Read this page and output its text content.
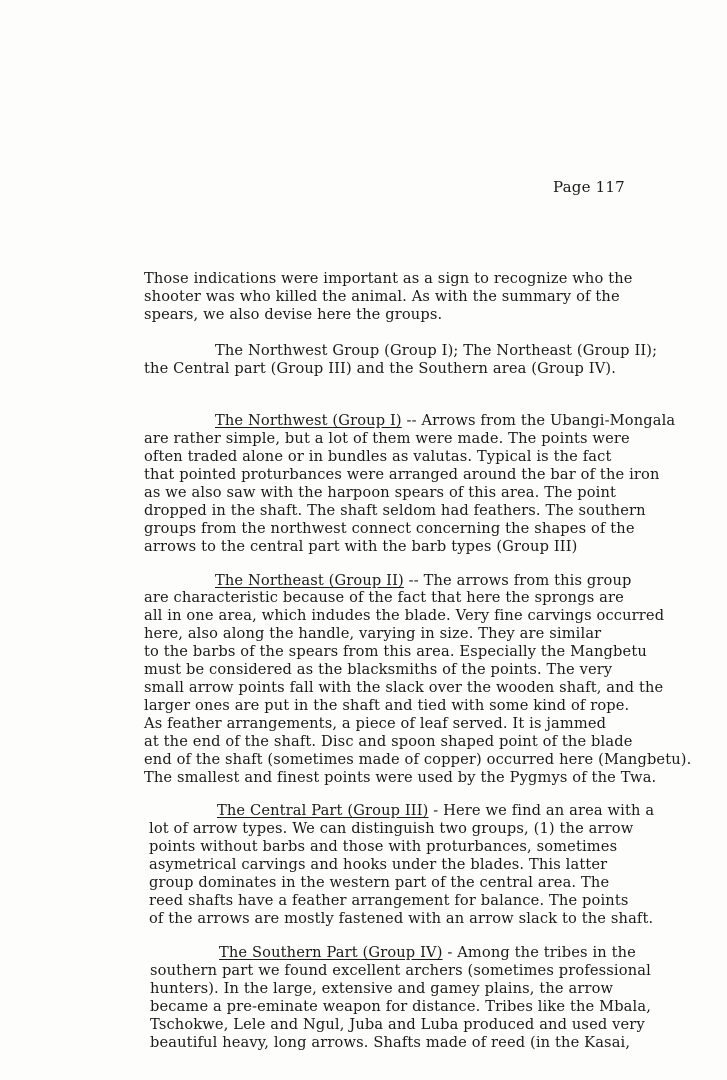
Page 117
Those indications were important as a sign to recognize who the
shooter was who killed the animal. As with the summary of the
spears, we also devise here the groups.
The Northwest Group (Group I); The Northeast (Group II);
the Central part (Group III) and the Southern area (Group IV).
The Northwest (Group I) -- Arrows from the Ubangi-Mongala
are rather simple, but a lot of them were made. The points were
often traded alone or in bundles as valutas. Typical is the fact
that pointed proturbances were arranged around the bar of the iron
as we also saw with the harpoon spears of this area. The point
dropped in the shaft. The shaft seldom had feathers. The southern
groups from the northwest connect concerning the shapes of the
arrows to the central part with the barb types (Group III)
The Northeast (Group II) -- The arrows from this group
are characteristic because of the fact that here the sprongs are
all in one area, which indudes the blade. Very fine carvings occurred
here, also along the handle, varying in size. They are similar
to the barbs of the spears from this area. Especially the Mangbetu
must be considered as the blacksmiths of the points. The very
small arrow points fall with the slack over the wooden shaft, and the
larger ones are put in the shaft and tied with some kind of rope.
As feather arrangements, a piece of leaf served. It is jammed
at the end of the shaft. Disc and spoon shaped point of the blade
end of the shaft (sometimes made of copper) occurred here (Mangbetu).
The smallest and finest points were used by the Pygmys of the Twa.
The Central Part (Group III) - Here we find an area with a
lot of arrow types. We can distinguish two groups, (1) the arrow
points without barbs and those with proturbances, sometimes
asymetrical carvings and hooks under the blades. This latter
group dominates in the western part of the central area. The
reed shafts have a feather arrangement for balance. The points
of the arrows are mostly fastened with an arrow slack to the shaft.
The Southern Part (Group IV) - Among the tribes in the
southern part we found excellent archers (sometimes professional
hunters). In the large, extensive and gamey plains, the arrow
became a pre-eminate weapon for distance. Tribes like the Mbala,
Tschokwe, Lele and Ngul, Juba and Luba produced and used very
beautiful heavy, long arrows. Shafts made of reed (in the Kasai,
